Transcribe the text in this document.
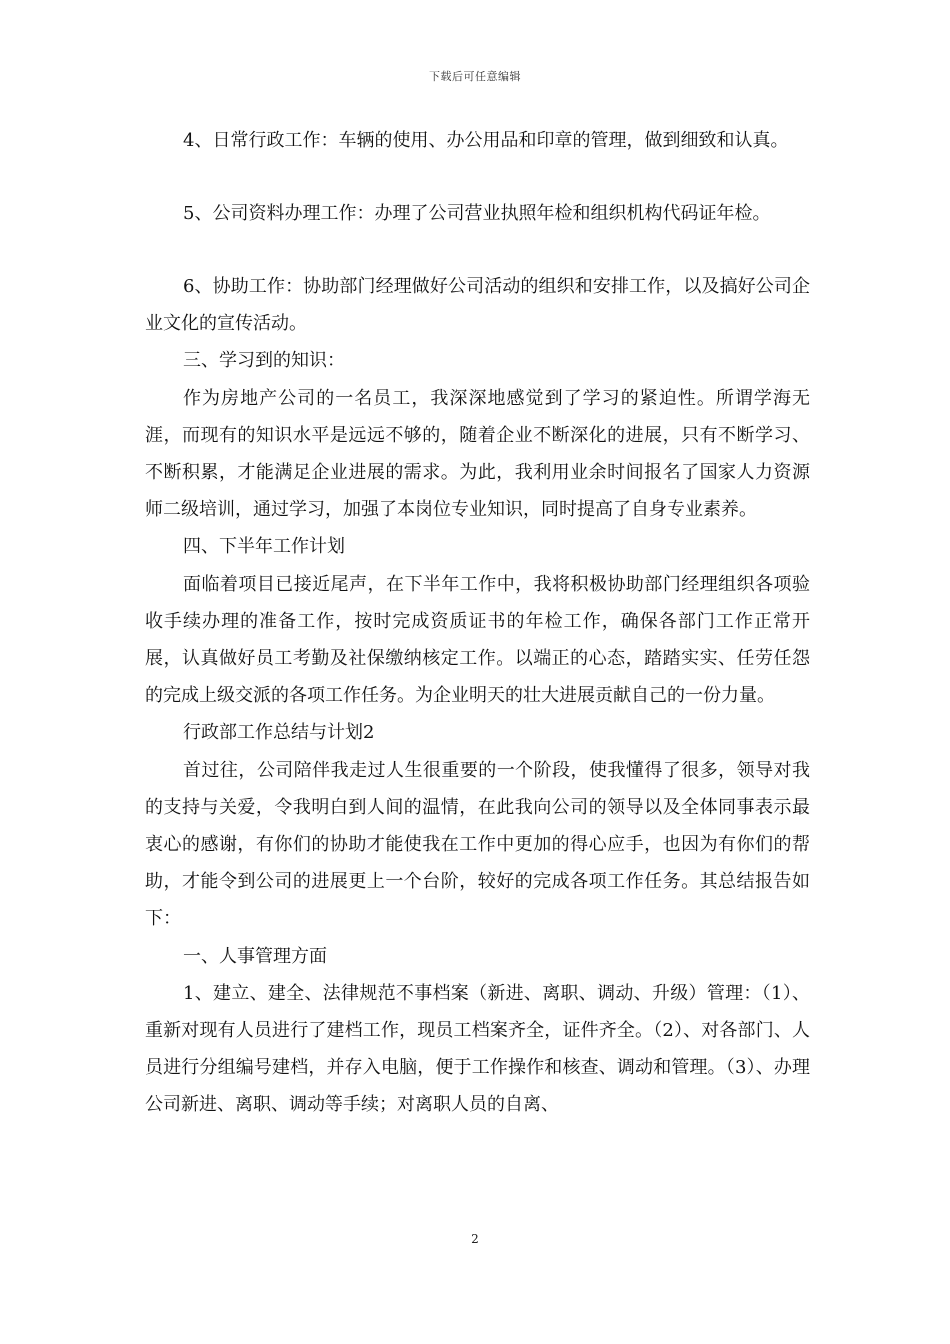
下载后可任意编辑

4、日常行政工作：车辆的使用、办公用品和印章的管理，做到细致和认真。

5、公司资料办理工作：办理了公司营业执照年检和组织机构代码证年检。

6、协助工作：协助部门经理做好公司活动的组织和安排工作，以及搞好公司企业文化的宣传活动。

三、学习到的知识：

作为房地产公司的一名员工，我深深地感觉到了学习的紧迫性。所谓学海无涯，而现有的知识水平是远远不够的，随着企业不断深化的进展，只有不断学习、不断积累，才能满足企业进展的需求。为此，我利用业余时间报名了国家人力资源师二级培训，通过学习，加强了本岗位专业知识，同时提高了自身专业素养。

四、下半年工作计划

面临着项目已接近尾声，在下半年工作中，我将积极协助部门经理组织各项验收手续办理的准备工作，按时完成资质证书的年检工作，确保各部门工作正常开展，认真做好员工考勤及社保缴纳核定工作。以端正的心态，踏踏实实、任劳任怨的完成上级交派的各项工作任务。为企业明天的壮大进展贡献自己的一份力量。

行政部工作总结与计划2

首过往，公司陪伴我走过人生很重要的一个阶段，使我懂得了很多，领导对我的支持与关爱，令我明白到人间的温情，在此我向公司的领导以及全体同事表示最衷心的感谢，有你们的协助才能使我在工作中更加的得心应手，也因为有你们的帮助，才能令到公司的进展更上一个台阶，较好的完成各项工作任务。其总结报告如下：

一、人事管理方面

1、建立、建全、法律规范不事档案（新进、离职、调动、升级）管理：（1）、重新对现有人员进行了建档工作，现员工档案齐全，证件齐全。（2）、对各部门、人员进行分组编号建档，并存入电脑，便于工作操作和核查、调动和管理。（3）、办理公司新进、离职、调动等手续；对离职人员的自离、

2
